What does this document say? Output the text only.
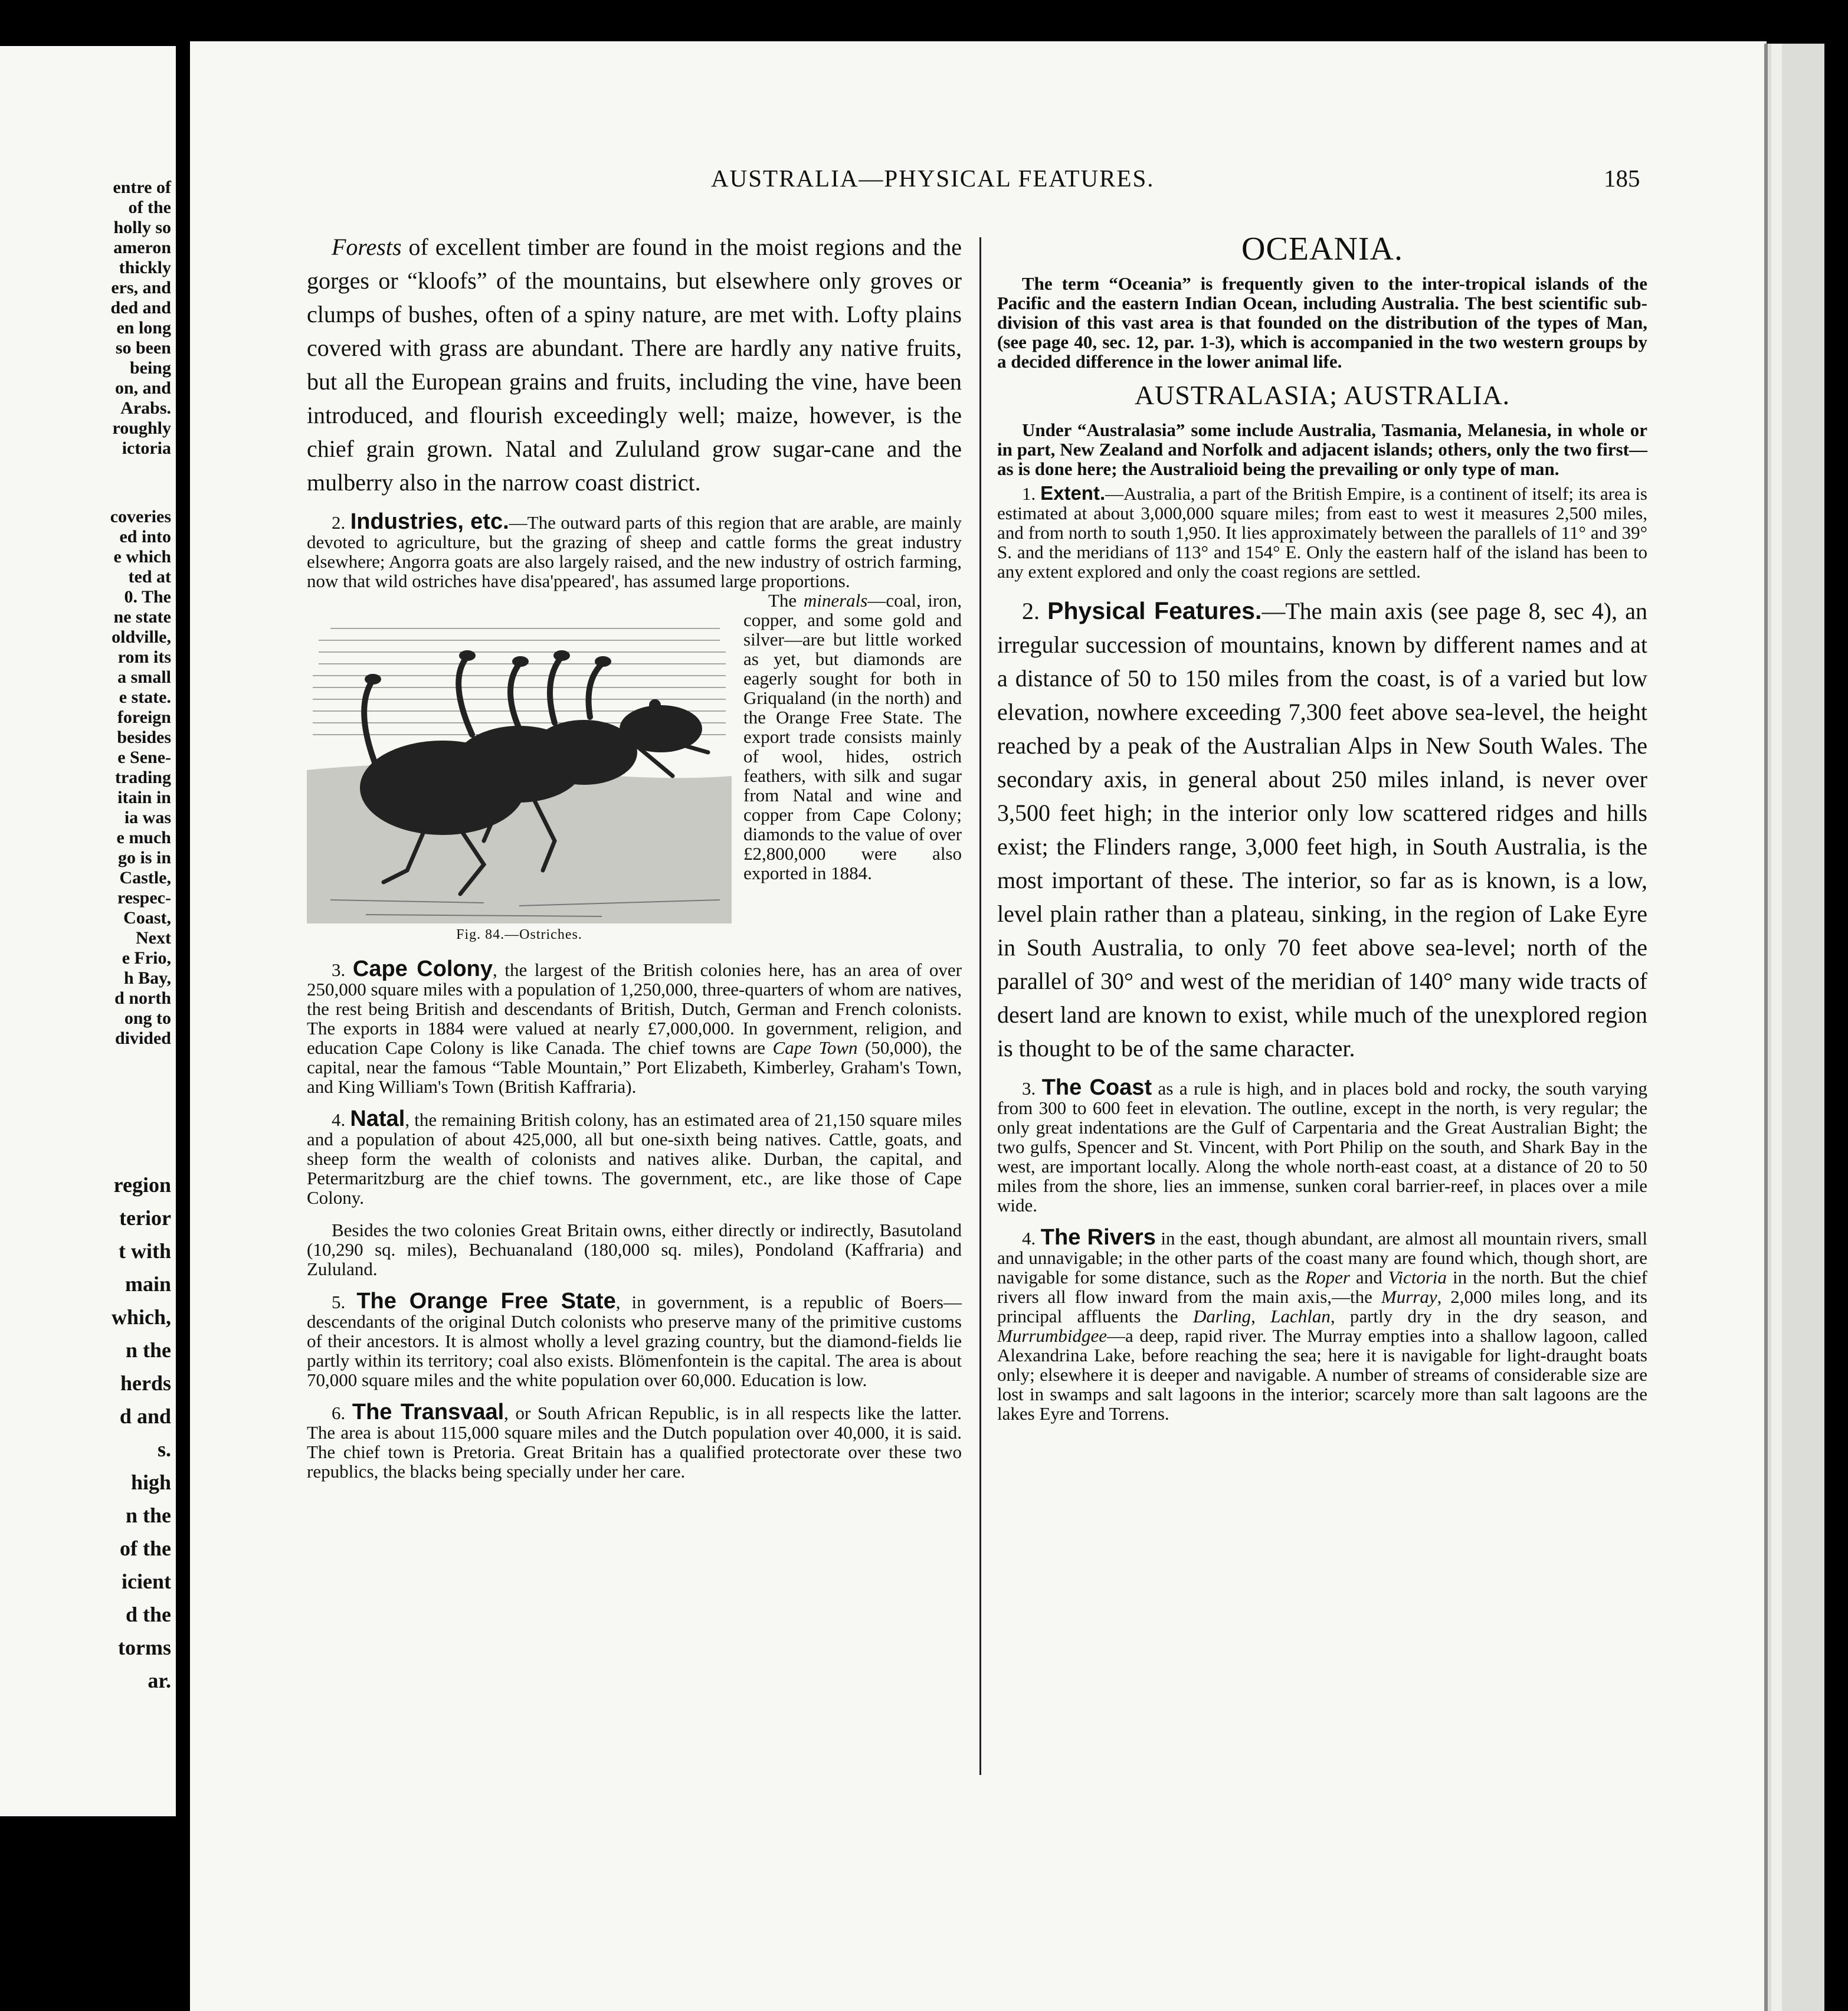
entre of
of the
holly so
ameron
thickly
ers, and
ded and
en long
so been
being
on, and
Arabs.
roughly
ictoria
coveries
ed into
e which
ted at
0. The
ne state
oldville,
rom its
a small
e state.
foreign
besides
e Sene-
trading
itain in
ia was
e much
go is in
Castle,
respec-
Coast,
Next
e Frio,
h Bay,
d north
ong to
divided
region
terior
t with
main
which,
n the
herds
d and
s.
high
n the
of the
icient
d the
torms
ar.
AUSTRALIA—PHYSICAL FEATURES.	185

Forests of excellent timber are found in the moist regions and the gorges or “kloofs” of the mountains, but elsewhere only groves or clumps of bushes, often of a spiny nature, are met with. Lofty plains covered with grass are abundant. There are hardly any native fruits, but all the European grains and fruits, including the vine, have been introduced, and flourish exceedingly well; maize, however, is the chief grain grown. Natal and Zululand grow sugar-cane and the mulberry also in the narrow coast district.

2. Industries, etc.—The outward parts of this region that are arable, are mainly devoted to agriculture, but the grazing of sheep and cattle forms the great industry elsewhere; Angorra goats are also largely raised, and the new industry of ostrich farming, now that wild ostriches have disa'ppeared', has assumed large proportions.
Fig. 84.—Ostriches.
The minerals—coal, iron, copper, and some gold and silver—are but little worked as yet, but diamonds are eagerly sought for both in Griqualand (in the north) and the Orange Free State. The export trade consists mainly of wool, hides, ostrich feathers, with silk and sugar from Natal and wine and copper from Cape Colony; diamonds to the value of over £2,800,000 were also exported in 1884.

3. Cape Colony, the largest of the British colonies here, has an area of over 250,000 square miles with a population of 1,250,000, three-quarters of whom are natives, the rest being British and descendants of British, Dutch, German and French colonists. The exports in 1884 were valued at nearly £7,000,000. In government, religion, and education Cape Colony is like Canada. The chief towns are Cape Town (50,000), the capital, near the famous “Table Mountain,” Port Elizabeth, Kimberley, Graham's Town, and King William's Town (British Kaffraria).

4. Natal, the remaining British colony, has an estimated area of 21,150 square miles and a population of about 425,000, all but one-sixth being natives. Cattle, goats, and sheep form the wealth of colonists and natives alike. Durban, the capital, and Petermaritzburg are the chief towns. The government, etc., are like those of Cape Colony.

Besides the two colonies Great Britain owns, either directly or indirectly, Basutoland (10,290 sq. miles), Bechuanaland (180,000 sq. miles), Pondoland (Kaffraria) and Zululand.

5. The Orange Free State, in government, is a republic of Boers—descendants of the original Dutch colonists who preserve many of the primitive customs of their ancestors. It is almost wholly a level grazing country, but the diamond-fields lie partly within its territory; coal also exists. Blömenfontein is the capital. The area is about 70,000 square miles and the white population over 60,000. Education is low.

6. The Transvaal, or South African Republic, is in all respects like the latter. The area is about 115,000 square miles and the Dutch population over 40,000, it is said. The chief town is Pretoria. Great Britain has a qualified protectorate over these two republics, the blacks being specially under her care.

OCEANIA.

The term “Oceania” is frequently given to the inter-tropical islands of the Pacific and the eastern Indian Ocean, including Australia. The best scientific sub-division of this vast area is that founded on the distribution of the types of Man, (see page 40, sec. 12, par. 1-3), which is accompanied in the two western groups by a decided difference in the lower animal life.

AUSTRALASIA; AUSTRALIA.

Under “Australasia” some include Australia, Tasmania, Melanesia, in whole or in part, New Zealand and Norfolk and adjacent islands; others, only the two first—as is done here; the Australioid being the prevailing or only type of man.

1. Extent.—Australia, a part of the British Empire, is a continent of itself; its area is estimated at about 3,000,000 square miles; from east to west it measures 2,500 miles, and from north to south 1,950. It lies approximately between the parallels of 11° and 39° S. and the meridians of 113° and 154° E. Only the eastern half of the island has been to any extent explored and only the coast regions are settled.

2. Physical Features.—The main axis (see page 8, sec 4), an irregular succession of mountains, known by different names and at a distance of 50 to 150 miles from the coast, is of a varied but low elevation, nowhere exceeding 7,300 feet above sea-level, the height reached by a peak of the Australian Alps in New South Wales. The secondary axis, in general about 250 miles inland, is never over 3,500 feet high; in the interior only low scattered ridges and hills exist; the Flinders range, 3,000 feet high, in South Australia, is the most important of these. The interior, so far as is known, is a low, level plain rather than a plateau, sinking, in the region of Lake Eyre in South Australia, to only 70 feet above sea-level; north of the parallel of 30° and west of the meridian of 140° many wide tracts of desert land are known to exist, while much of the unexplored region is thought to be of the same character.

3. The Coast as a rule is high, and in places bold and rocky, the south varying from 300 to 600 feet in elevation. The outline, except in the north, is very regular; the only great indentations are the Gulf of Carpentaria and the Great Australian Bight; the two gulfs, Spencer and St. Vincent, with Port Philip on the south, and Shark Bay in the west, are important locally. Along the whole north-east coast, at a distance of 20 to 50 miles from the shore, lies an immense, sunken coral barrier-reef, in places over a mile wide.

4. The Rivers in the east, though abundant, are almost all mountain rivers, small and unnavigable; in the other parts of the coast many are found which, though short, are navigable for some distance, such as the Roper and Victoria in the north. But the chief rivers all flow inward from the main axis,—the Murray, 2,000 miles long, and its principal affluents the Darling, Lachlan, partly dry in the dry season, and Murrumbidgee—a deep, rapid river. The Murray empties into a shallow lagoon, called Alexandrina Lake, before reaching the sea; here it is navigable for light-draught boats only; elsewhere it is deeper and navigable. A number of streams of considerable size are lost in swamps and salt lagoons in the interior; scarcely more than salt lagoons are the lakes Eyre and Torrens.
